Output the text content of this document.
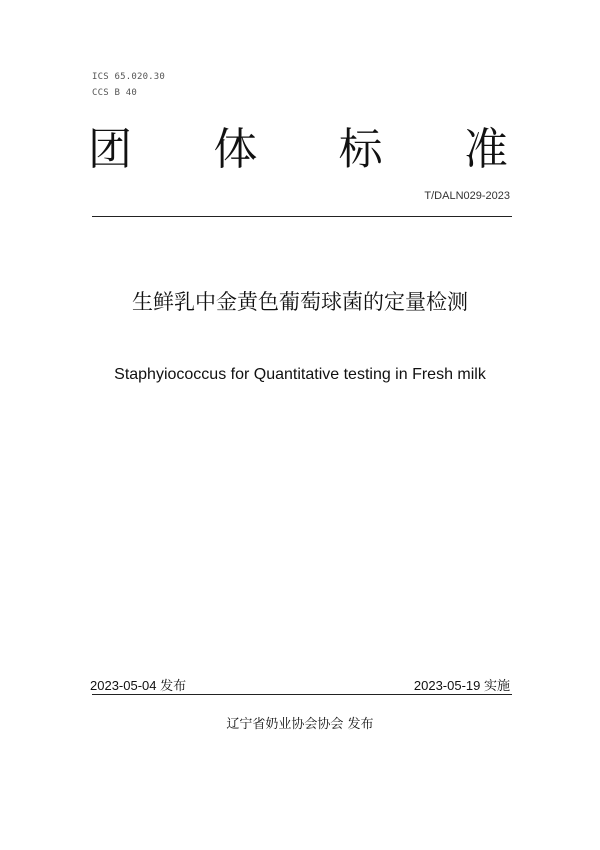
ICS 65.020.30
CCS B 40
团 体 标 准
T/DALN029-2023
生鲜乳中金黄色葡萄球菌的定量检测
Staphyiococcus for Quantitative testing in Fresh milk
2023-05-04 发布	2023-05-19 实施
辽宁省奶业协会协会 发布
